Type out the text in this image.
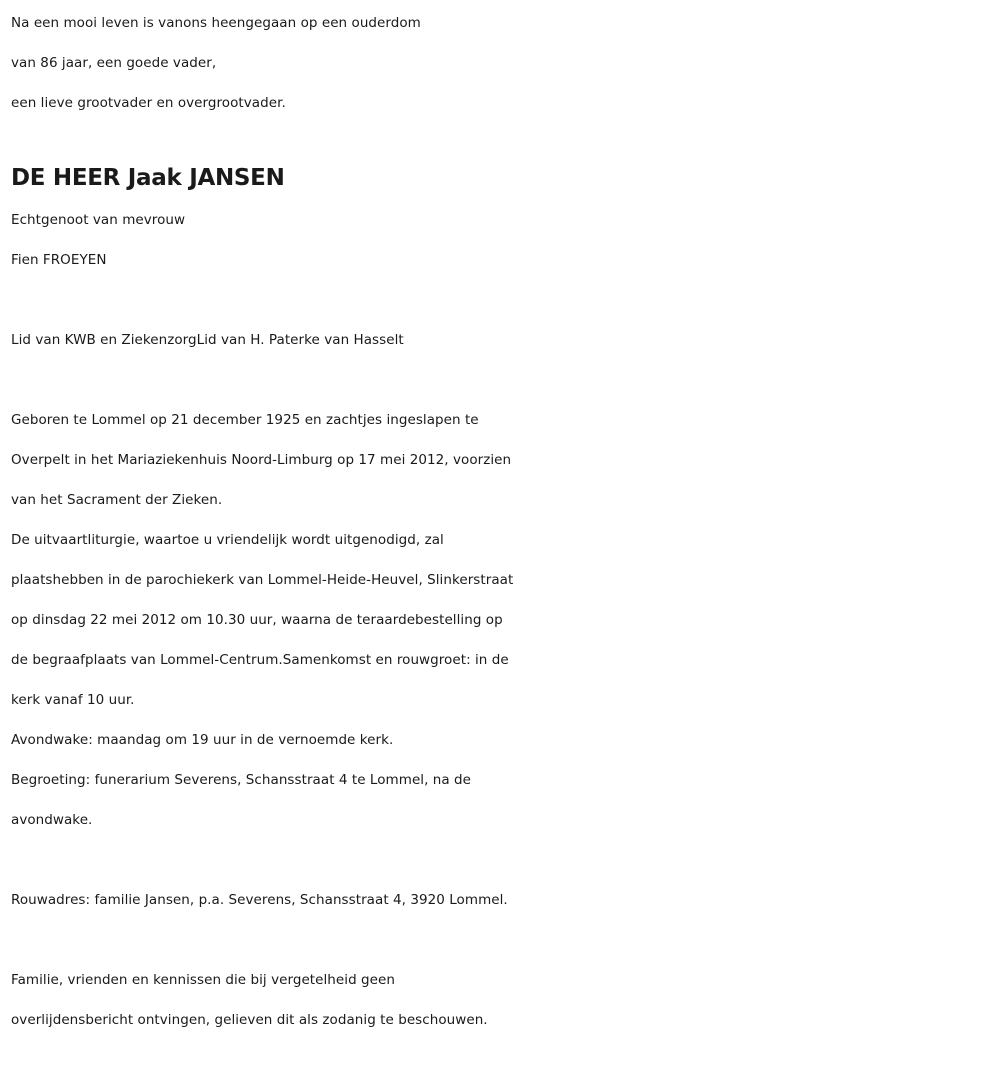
Na een mooi leven is vanons heengegaan op een ouderdom
van 86 jaar, een goede vader,
een lieve grootvader en overgrootvader.
DE HEER Jaak JANSEN
Echtgenoot van mevrouw
Fien FROEYEN
Lid van KWB en ZiekenzorgLid van H. Paterke van Hasselt
Geboren te Lommel op 21 december 1925 en zachtjes ingeslapen te
Overpelt in het Mariaziekenhuis Noord-Limburg op 17 mei 2012, voorzien
van het Sacrament der Zieken.
De uitvaartliturgie, waartoe u vriendelijk wordt uitgenodigd, zal
plaatshebben in de parochiekerk van Lommel-Heide-Heuvel, Slinkerstraat
op dinsdag 22 mei 2012 om 10.30 uur, waarna de teraardebestelling op
de begraafplaats van Lommel-Centrum.Samenkomst en rouwgroet: in de
kerk vanaf 10 uur.
Avondwake: maandag om 19 uur in de vernoemde kerk.
Begroeting: funerarium Severens, Schansstraat 4 te Lommel, na de
avondwake.
Rouwadres: familie Jansen, p.a. Severens, Schansstraat 4, 3920 Lommel.
Familie, vrienden en kennissen die bij vergetelheid geen
overlijdensbericht ontvingen, gelieven dit als zodanig te beschouwen.
